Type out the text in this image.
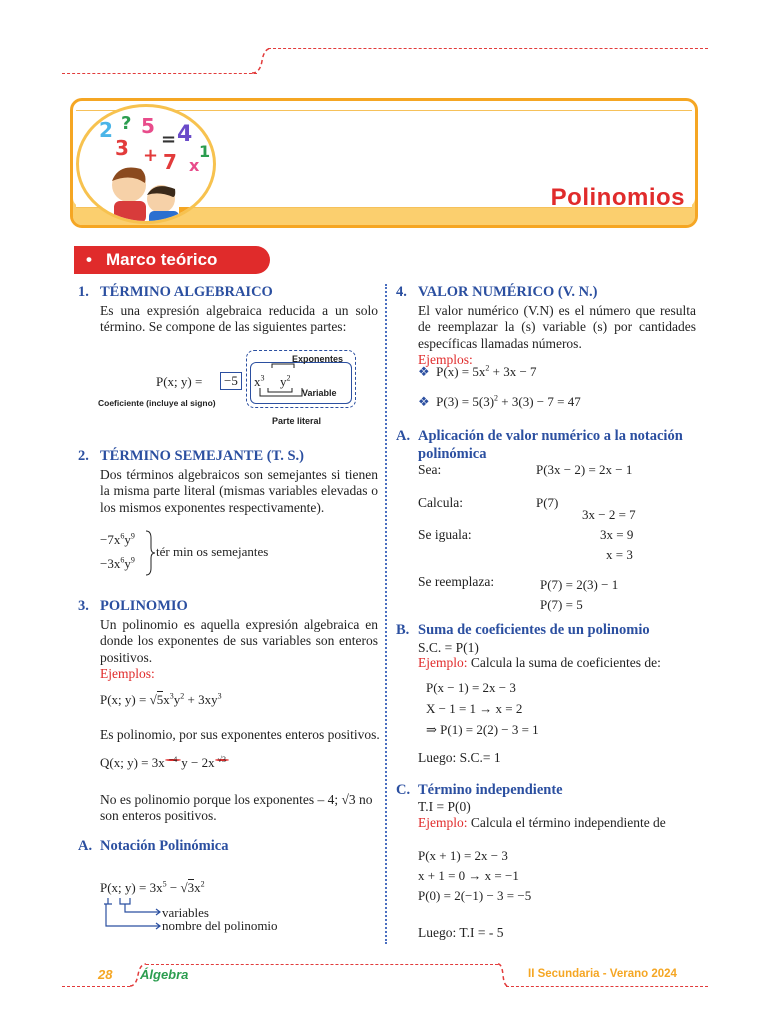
Polinomios
2 ? 5
= 4
3 + 7 x
1
• Marco teórico
1. TÉRMINO ALGEBRAICO
Es una expresión algebraica reducida a un solo término. Se compone de las siguientes partes:
P(x; y) =	−5	$x^3$ $y^2$
Exponentes
Variable
Coeficiente (incluye al signo)
Parte literal
2. TÉRMINO SEMEJANTE (T. S.)
Dos términos algebraicos son semejantes si tienen la misma parte literal (mismas variables elevadas o los mismos exponentes respectivamente).
$-7x^6y^9$
$-3x^6y^9$
tér min os semejantes
3. POLINOMIO
Un polinomio es aquella expresión algebraica en donde los exponentes de sus variables son enteros positivos.
Ejemplos:
P(x; $y) = √5x^3y^2 + 3xy^3$
Es polinomio, por sus exponentes enteros positivos.
Q(x; y) = 3x $^{-4}$ y − 2x $^{√3}$
No es polinomio porque los exponentes – 4; √3 no son enteros positivos.
A. Notación Polinómica
P(x; $y) = 3x^5 - √3x^2$
variables
nombre del polinomio
4. VALOR NUMÉRICO (V. N.)
El valor numérico (V.N) es el número que resulta de reemplazar la (s) variable (s) por cantidades específicas llamadas números.
Ejemplos:
❖ $P(x) = 5x^2 + 3x - 7$
❖ $P(3) = 5(3)^2 + 3(3) - 7 = 47$
A. Aplicación de valor numérico a la notación polinómica
Sea:	P(3x − 2) = 2x − 1
Calcula:	P(7)
3x − 2 = 7
Se iguala:	3x = 9
x = 3
Se reemplaza:	P(7) = 2(3) − 1
P(7) = 5
B. Suma de coeficientes de un polinomio
S.C. = P(1)
Ejemplo: Calcula la suma de coeficientes de:
P(x − 1) = 2x − 3
X − 1 = 1 → x = 2
⇒ P(1) = 2(2) − 3 = 1
Luego: S.C.= 1
C. Término independiente
T.I = P(0)
Ejemplo: Calcula el término independiente de
P(x + 1) = 2x − 3
x + 1 = 0 → x = −1
P(0) = 2(−1) − 3 = −5
Luego: T.I = - 5
28 Álgebra	II Secundaria - Verano 2024
